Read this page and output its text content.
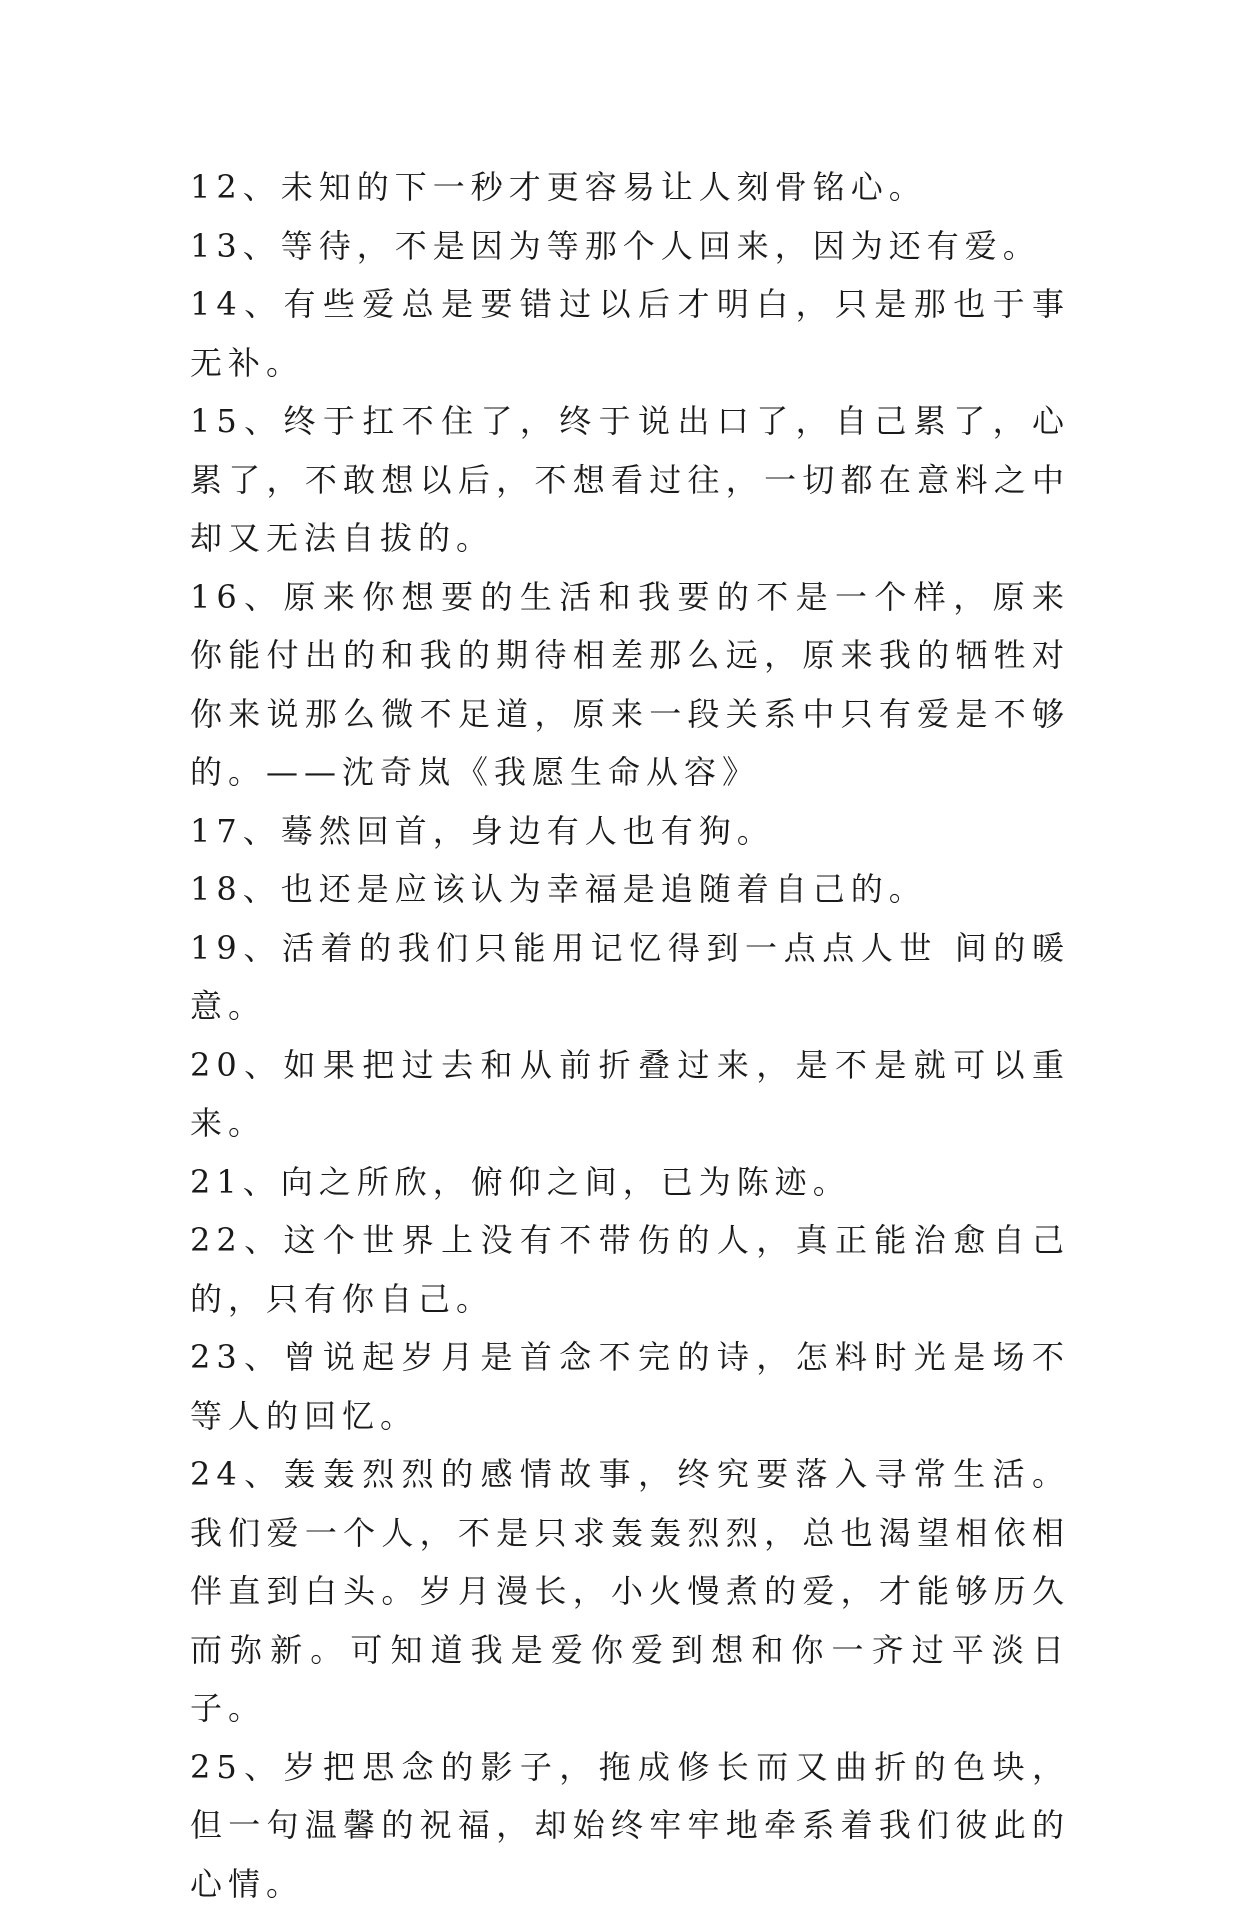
12、未知的下一秒才更容易让人刻骨铭心。

13、等待，不是因为等那个人回来，因为还有爱。

14、有些爱总是要错过以后才明白，只是那也于事无补。

15、终于扛不住了，终于说出口了，自己累了，心累了，不敢想以后，不想看过往，一切都在意料之中却又无法自拔的。

16、原来你想要的生活和我要的不是一个样，原来你能付出的和我的期待相差那么远，原来我的牺牲对你来说那么微不足道，原来一段关系中只有爱是不够的。——沈奇岚《我愿生命从容》

17、蓦然回首，身边有人也有狗。

18、也还是应该认为幸福是追随着自己的。

19、活着的我们只能用记忆得到一点点人世 间的暖意。

20、如果把过去和从前折叠过来，是不是就可以重来。

21、向之所欣，俯仰之间，已为陈迹。

22、这个世界上没有不带伤的人，真正能治愈自己的，只有你自己。

23、曾说起岁月是首念不完的诗，怎料时光是场不等人的回忆。

24、轰轰烈烈的感情故事，终究要落入寻常生活。我们爱一个人，不是只求轰轰烈烈，总也渴望相依相伴直到白头。岁月漫长，小火慢煮的爱，才能够历久而弥新。可知道我是爱你爱到想和你一齐过平淡日子。

25、岁把思念的影子，拖成修长而又曲折的色块，但一句温馨的祝福，却始终牢牢地牵系着我们彼此的心情。
